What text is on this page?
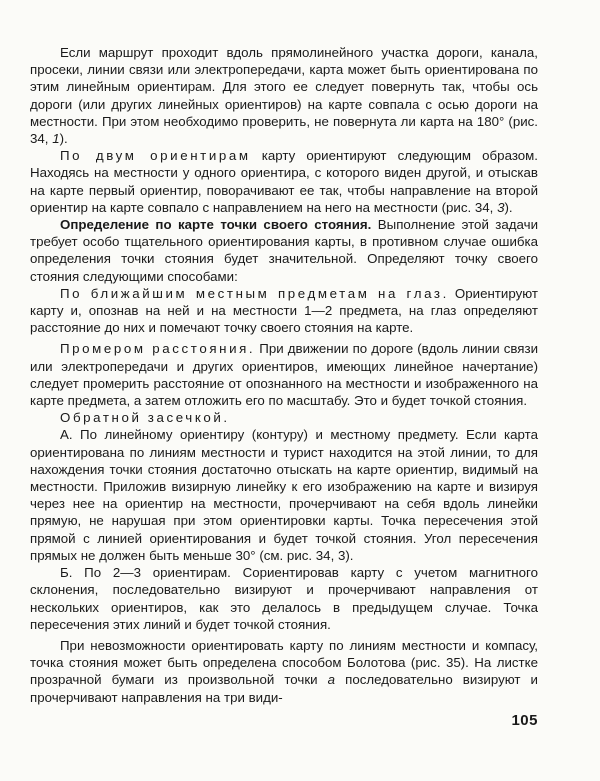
Если маршрут проходит вдоль прямолинейного участка дороги, канала, просеки, линии связи или электропередачи, карта может быть ориентирована по этим линейным ориентирам. Для этого ее следует повернуть так, чтобы ось дороги (или других линейных ориентиров) на карте совпала с осью дороги на местности. При этом необходимо проверить, не повернута ли карта на 180° (рис. 34, 1).

По двум ориентирам карту ориентируют следующим образом. Находясь на местности у одного ориентира, с которого виден другой, и отыскав на карте первый ориентир, поворачивают ее так, чтобы направление на второй ориентир на карте совпало с направлением на него на местности (рис. 34, 3).

Определение по карте точки своего стояния. Выполнение этой задачи требует особо тщательного ориентирования карты, в противном случае ошибка определения точки стояния будет значительной. Определяют точку своего стояния следующими способами:

По ближайшим местным предметам на глаз. Ориентируют карту и, опознав на ней и на местности 1—2 предмета, на глаз определяют расстояние до них и помечают точку своего стояния на карте.

Промером расстояния. При движении по дороге (вдоль линии связи или электропередачи и других ориентиров, имеющих линейное начертание) следует промерить расстояние от опознанного на местности и изображенного на карте предмета, а затем отложить его по масштабу. Это и будет точкой стояния.

Обратной засечкой.

А. По линейному ориентиру (контуру) и местному предмету. Если карта ориентирована по линиям местности и турист находится на этой линии, то для нахождения точки стояния достаточно отыскать на карте ориентир, видимый на местности. Приложив визирную линейку к его изображению на карте и визируя через нее на ориентир на местности, прочерчивают на себя вдоль линейки прямую, не нарушая при этом ориентировки карты. Точка пересечения этой прямой с линией ориентирования и будет точкой стояния. Угол пересечения прямых не должен быть меньше 30° (см. рис. 34, 3).

Б. По 2—3 ориентирам. Сориентировав карту с учетом магнитного склонения, последовательно визируют и прочерчивают направления от нескольких ориентиров, как это делалось в предыдущем случае. Точка пересечения этих линий и будет точкой стояния.

При невозможности ориентировать карту по линиям местности и компасу, точка стояния может быть определена способом Болотова (рис. 35). На листке прозрачной бумаги из произвольной точки а последовательно визируют и прочерчивают направления на три види-

105
